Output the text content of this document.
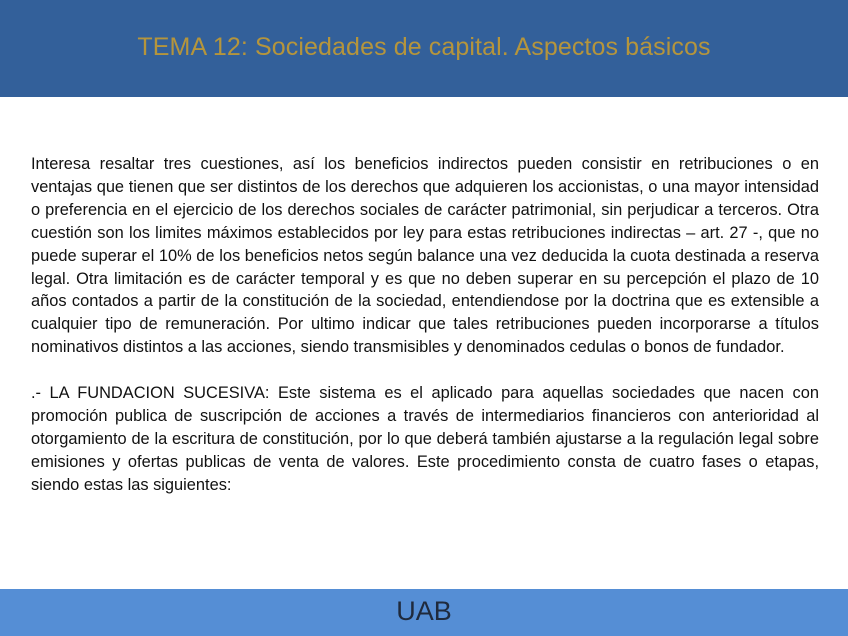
TEMA 12: Sociedades de capital. Aspectos básicos

Interesa resaltar tres cuestiones, así los beneficios indirectos pueden consistir en retribuciones o en ventajas que tienen que ser distintos de los derechos que adquieren los accionistas, o una mayor intensidad o preferencia en el ejercicio de los derechos sociales de carácter patrimonial, sin perjudicar a terceros. Otra cuestión son los limites máximos establecidos por ley para estas retribuciones indirectas – art. 27 -, que no puede superar el 10% de los beneficios netos según balance una vez deducida la cuota destinada a reserva legal. Otra limitación es de carácter temporal y es que no deben superar en su percepción el plazo de 10 años contados a partir de la constitución de la sociedad, entendiendose por la doctrina que es extensible a cualquier tipo de remuneración. Por ultimo indicar que tales retribuciones pueden incorporarse a títulos nominativos distintos a las acciones, siendo transmisibles y denominados cedulas o bonos de fundador.

.- LA FUNDACION SUCESIVA: Este sistema es el aplicado para aquellas sociedades que nacen con promoción publica de suscripción de acciones a través de intermediarios financieros con anterioridad al otorgamiento de la escritura de constitución, por lo que deberá también ajustarse a la regulación legal sobre emisiones y ofertas publicas de venta de valores. Este procedimiento consta de cuatro fases o etapas, siendo estas las siguientes:

UAB
